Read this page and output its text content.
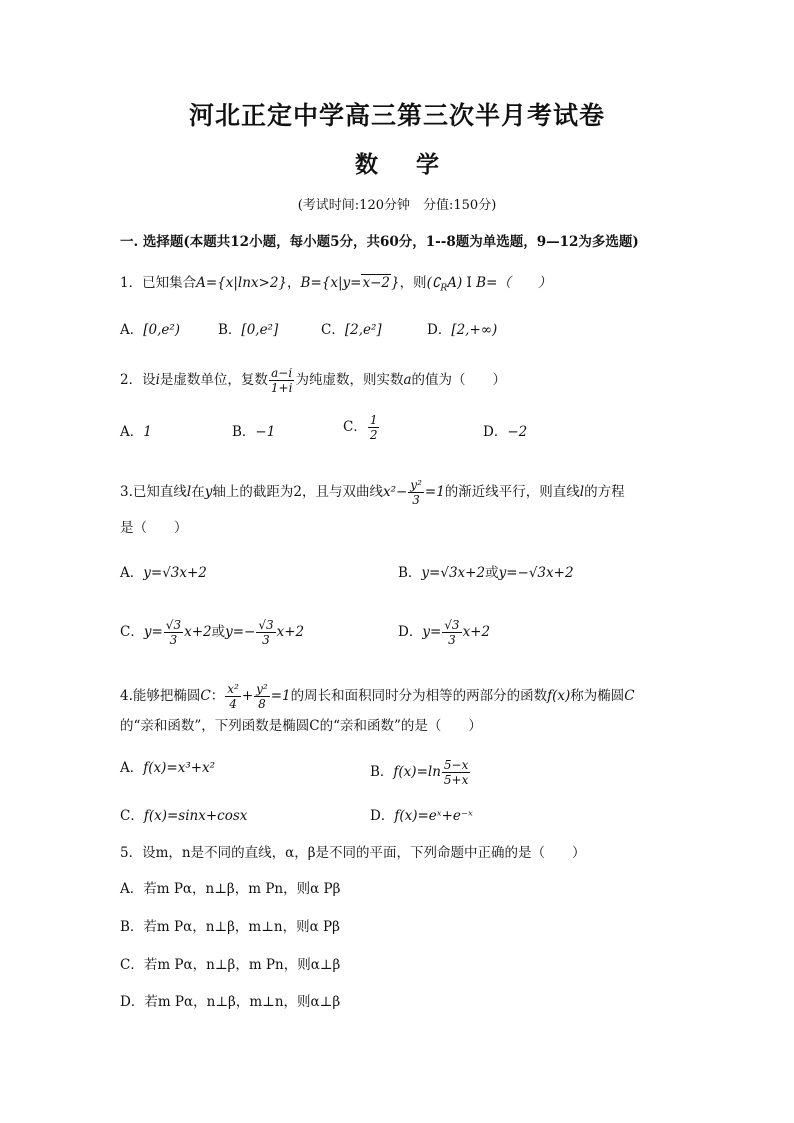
河北正定中学高三第三次半月考试卷
数学
(考试时间:120分钟　分值:150分)
一. 选择题(本题共12小题，每小题5分，共60分，1--8题为单选题，9—12为多选题)
1．已知集合A={x|lnx>2}，B={x|y=x−2}，则$(∁_RA)$ I B=（　　）
A．[0,e²)	B．[0,e²]	C．[2,e²]	D．[2,+∞)
2．设i是虚数单位，复数 $\frac{a-i}{1+i}$ 为纯虚数，则实数a的值为（　　）
A．1	B．−1	C． $\frac{1}{2}$	D．−2
3.已知直线l在y轴上的截距为2，且与双曲线$x^2- \frac{\text{y²}}{3} =1$的渐近线平行，则直线l的方程
是（　　）
A．y=√3x+2	B．y=√3x+2或y=−√3x+2
C．$y= \frac{√3}{3} x+2$或$y=- \frac{√3}{3} x+2$	D．$y= \frac{√3}{3} x+2$
4.能够把椭圆C： $\frac{\text{x²}}{4} + \frac{\text{y²}}{8} =1$的周长和面积同时分为相等的两部分的函数f(x)称为椭圆C
的“亲和函数”，下列函数是椭圆C的“亲和函数”的是（　　）
A．f(x)=x³+x²	B．$f(x)=\ln \frac{5-x}{5+x}$
C．f(x)=sinx+cosx	D．f(x)=eˣ+e⁻ˣ
5．设m，n是不同的直线，α，β是不同的平面，下列命题中正确的是（　　）
A．若m Pα，n⊥β，m Pn，则α Pβ
B．若m Pα，n⊥β，m⊥n，则α Pβ
C．若m Pα，n⊥β，m Pn，则α⊥β
D．若m Pα，n⊥β，m⊥n，则α⊥β
